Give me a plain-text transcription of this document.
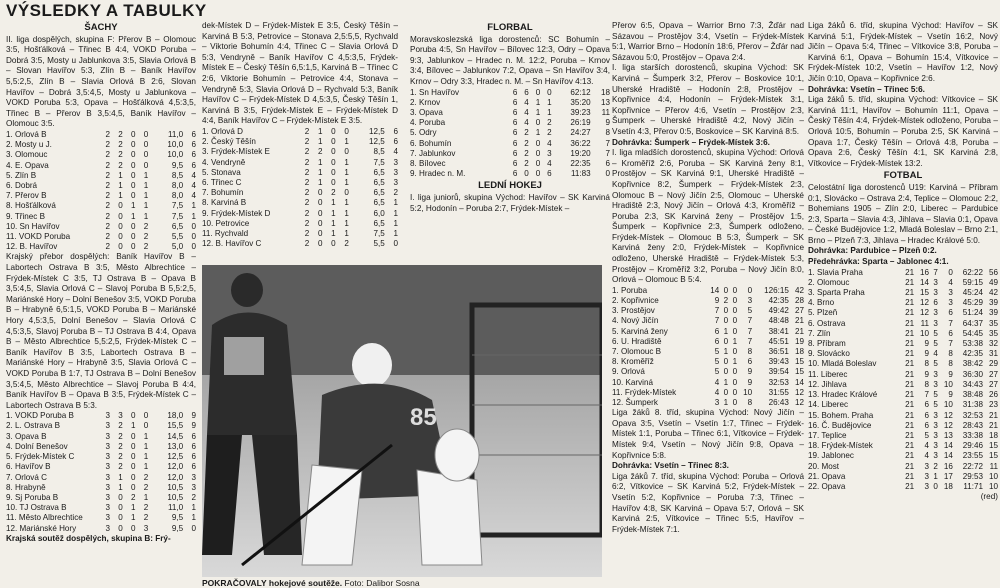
VÝSLEDKY A TABULKY
ŠACHY

II. liga dospělých, skupina F: Přerov B – Olomouc 3:5, Hošťálková – Třinec B 4:4, VOKD Poruba – Dobrá 3:5, Mosty u Jablunkova 3:5, Slavia Orlová B – Slovan Havířov 5:3, Zlín B – Baník Havířov 5,5:2,5, Zlín B – Slavia Orlová B 2:6, Slovan Havířov – Dobrá 3,5:4,5, Mosty u Jablunkova – VOKD Poruba 5:3, Opava – Hošťálková 4,5:3,5, Třinec B – Přerov B 3,5:4,5, Baník Havířov – Olomouc 3:5.

1. Orlová B	2	2	0	0	11,0	6
2. Mosty u J.	2	2	0	0	10,0	6
3. Olomouc	2	2	0	0	10,0	6
4. E. Opava	2	2	0	0	9,5	6
5. Zlín B	2	1	0	1	8,5	4
6. Dobrá	2	1	0	1	8,0	4
7. Přerov B	2	1	0	1	8,0	4
8. Hošťálková	2	0	1	1	7,5	1
9. Třinec B	2	0	1	1	7,5	1
10. Sn Havířov	2	0	0	2	6,5	0
11. VOKD Poruba	2	0	0	2	5,5	0
12. B. Havířov	2	0	0	2	5,0	0

Krajský přebor dospělých: Baník Havířov B – Labortech Ostrava B 3:5, Město Albrechtice – Frýdek-Místek C 3:5, TJ Ostrava B – Opava B 3,5:4,5, Slavia Orlová C – Slavoj Poruba B 5,5:2,5, Mariánské Hory – Dolní Benešov 3:5, VOKD Poruba B – Hrabyně 6,5:1,5, VOKD Poruba B – Mariánské Hory 4,5:3,5, Dolní Benešov – Slavia Orlová C 4,5:3,5, Slavoj Poruba B – TJ Ostrava B 4:4, Opava B – Město Albrechtice 5,5:2,5, Frýdek-Místek C – Baník Havířov B 3:5, Labortech Ostrava B – Mariánské Hory – Hrabyně 3:5, Slavia Orlová C – VOKD Poruba B 1:7, TJ Ostrava B – Dolní Benešov 3,5:4,5, Město Albrechtice – Slavoj Poruba B 4:4, Baník Havířov B – Opava B 3:5, Frýdek-Místek C – Labortech Ostrava B 5:3.

1. VOKD Poruba B	3	3	0	0	18,0	9
2. L. Ostrava B	3	2	1	0	15,5	9
3. Opava B	3	2	0	1	14,5	6
4. Dolní Benešov	3	2	0	1	13,0	6
5. Frýdek-Místek C	3	2	0	1	12,5	6
6. Havířov B	3	2	0	1	12,0	6
7. Orlová C	3	1	0	2	12,0	3
8. Hrabyně	3	1	0	2	10,5	3
9. Sj Poruba B	3	0	2	1	10,5	2
10. TJ Ostrava B	3	0	1	2	11,0	1
11. Město Albrechtice	3	0	1	2	9,5	1
12. Mariánské Hory	3	0	0	3	9,5	0

Krajská soutěž dospělých, skupina B: Frý-

dek-Místek D – Frýdek-Místek E 3:5, Český Těšín – Karviná B 5:3, Petrovice – Stonava 2,5:5,5, Rychvald – Viktorie Bohumín 4:4, Třinec C – Slavia Orlová D 5:3, Vendryně – Baník Havířov C 4,5:3,5, Frýdek-Místek E – Český Těšín 6,5:1,5, Karviná B – Třinec C 2:6, Viktorie Bohumín – Petrovice 4:4, Stonava – Vendryně 5:3, Slavia Orlová D – Rychvald 5:3, Baník Havířov C – Frýdek-Místek D 4,5:3,5, Český Těšín 1, Karviná B 3:5, Frýdek-Místek E – Frýdek-Místek D 4:4, Baník Havířov C – Frýdek-Místek E 3:5.

1. Orlová D	2	1	0	0	12,5	6
2. Český Těšín	2	1	0	1	12,5	6
3. Frýdek-Místek E	2	2	0	0	8,5	4
4. Vendryně	2	1	0	1	7,5	3
5. Stonava	2	1	0	1	6,5	3
6. Třinec C	2	1	0	1	6,5	3
7. Bohumín	2	0	2	0	6,5	2
8. Karviná B	2	0	1	1	6,5	1
9. Frýdek-Místek D	2	0	1	1	6,0	1
10. Petrovice	2	0	1	1	6,5	1
11. Rychvald	2	0	1	1	7,5	1
12. B. Havířov C	2	0	0	2	5,5	0
FLORBAL

Moravskoslezská liga dorostenců: SC Bohumín – Poruba 4:5, Sn Havířov – Bílovec 12:3, Odry – Opava 9:3, Jablunkov – Hradec n. M. 12:2, Poruba – Krnov 3:4, Bílovec – Jablunkov 7:2, Opava – Sn Havířov 3:4, Krnov – Odry 3:3, Hradec n. M. – Sn Havířov 4:13.

1. Sn Havířov	6	6	0	0	62:12	18
2. Krnov	6	4	1	1	35:20	13
3. Opava	6	4	1	1	39:23	11
4. Poruba	6	4	0	2	26:19	9
5. Odry	6	2	1	2	24:27	8
6. Bohumín	6	2	0	4	36:22	7
7. Jablunkov	6	2	0	3	19:20	7
8. Bílovec	6	2	0	4	22:35	6
9. Hradec n. M.	6	0	0	6	11:83	0
LEDNÍ HOKEJ

I. liga juniorů, skupina Východ: Havířov – SK Karviná 5:2, Hodonín – Poruba 2:7, Frýdek-Místek –

85
POKRAČOVALY hokejové soutěže. Foto: Dalibor Sosna

Přerov 6:5, Opava – Warrior Brno 7:3, Žďár nad Sázavou – Prostějov 3:4, Vsetín – Frýdek-Místek 5:1, Warrior Brno – Hodonín 18:6, Přerov – Žďár nad Sázavou 5:0, Prostějov – Opava 2:4.

I. liga starších dorostenců, skupina Východ: SK Karviná – Šumperk 3:2, Přerov – Boskovice 10:1, Uherské Hradiště – Hodonín 2:8, Prostějov – Kopřivnice 4:4, Hodonín – Frýdek-Místek 3:1, Kopřivnice – Přerov 4:6, Vsetín – Prostějov 2:3, Šumperk – Uherské Hradiště 4:2, Nový Jičín – Vsetín 4:3, Přerov 0:5, Boskovice – SK Karviná 8:5.

Dohrávka: Šumperk – Frýdek-Místek 3:6.

I. liga mladších dorostenců, skupina Východ: Orlová – Kroměříž 2:6, Poruba – SK Karviná ženy 8:1, Prostějov – SK Karviná 9:1, Uherské Hradiště – Kopřivnice 8:2, Šumperk – Frýdek-Místek 2:3, Olomouc B – Nový Jičín 2:5, Olomouc – Uherské Hradiště 2:3, Nový Jičín – Orlová 4:3, Kroměříž – Poruba 2:3, SK Karviná ženy – Prostějov 1:5, Šumperk – Kopřivnice 2:3, Šumperk odloženo, Frýdek-Místek – Olomouc B 5:3, Šumperk – SK Karviná ženy 2:0, Frýdek-Místek – Kopřivnice odloženo, Uherské Hradiště – Frýdek-Místek 5:3, Prostějov – Kroměříž 3:2, Poruba – Nový Jičín 8:0, Orlová – Olomouc B 5:4.

1. Poruba	14	0	0	0	126:15	42
2. Kopřivnice	9	2	0	3	42:35	28
3. Prostějov	7	0	0	5	49:42	27
4. Nový Jičín	7	0	0	7	48:48	21
5. Karviná ženy	6	1	0	7	38:41	21
6. U. Hradiště	6	0	1	7	45:51	19
7. Olomouc B	5	1	0	8	36:51	18
8. Kroměříž	5	0	1	6	39:43	15
9. Orlová	5	0	0	9	39:54	15
10. Karviná	4	1	0	9	32:53	14
11. Frýdek-Místek	4	0	0	10	31:55	12
12. Šumperk	3	1	0	8	26:43	12

Liga žáků 8. tříd, skupina Východ: Nový Jičín – Opava 3:5, Vsetín – Vsetín 1:7, Třinec – Frýdek-Místek 1:1, Poruba – Třinec 6:1, Vítkovice – Frýdek-Místek 9:4, Vsetín – Nový Jičín 9:8, Opava – Kopřivnice 5:8.

Dohrávka: Vsetín – Třinec 8:3.

Liga žáků 7. tříd, skupina Východ: Poruba – Orlová 6:2, Vítkovice – SK Karviná 5:2, Frýdek-Místek – Vsetín 5:2, Kopřivnice – Poruba 7:3, Třinec – Havířov 4:8, SK Karviná – Opava 5:7, Orlová – SK Karviná 2:5, Vítkovice – Třinec 5:5, Havířov – Frýdek-Místek 7:1.

Liga žáků 6. tříd, skupina Východ: Havířov – SK Karviná 5:1, Frýdek-Místek – Vsetín 16:2, Nový Jičín – Opava 5:4, Třinec – Vítkovice 3:8, Poruba – Karviná 6:1, Opava – Bohumín 15:4, Vítkovice – Frýdek-Místek 10:2, Vsetín – Havířov 1:2, Nový Jičín 0:10, Opava – Kopřivnice 2:6.

Dohrávka: Vsetín – Třinec 5:6.

Liga žáků 5. tříd, skupina Východ: Vítkovice – SK Karviná 11:1, Havířov – Bohumín 11:1, Opava – Český Těšín 4:4, Frýdek-Místek odloženo, Poruba – Orlová 10:5, Bohumín – Poruba 2:5, SK Karviná – Opava 1:7, Český Těšín – Orlová 4:8, Poruba – Opava 2:6, Český Těšín 4:1, SK Karviná 2:8, Vítkovice – Frýdek-Místek 13:2.

FOTBAL

Celostátní liga dorostenců U19: Karviná – Příbram 0:1, Slovácko – Ostrava 2:4, Teplice – Olomouc 2:2, Bohemians 1905 – Zlín 2:0, Liberec – Pardubice 2:3, Sparta – Slavia 4:3, Jihlava – Slavia 0:1, Opava – České Budějovice 1:2, Mladá Boleslav – Brno 2:1, Brno – Plzeň 7:3, Jihlava – Hradec Králové 5:0.

Dohrávka: Pardubice – Plzeň 0:2.

Předehrávka: Sparta – Jablonec 4:1.

1. Slavia Praha	21	16	7	0	62:22	56
2. Olomouc	21	14	3	4	59:15	49
3. Sparta Praha	21	15	3	3	45:24	42
4. Brno	21	12	6	3	45:29	39
5. Plzeň	21	12	3	6	51:24	39
6. Ostrava	21	11	3	7	64:37	35
7. Zlín	21	10	5	6	54:45	35
8. Příbram	21	9	5	7	53:38	32
9. Slovácko	21	9	4	8	42:35	31
10. Mladá Boleslav	21	8	5	8	38:42	29
11. Liberec	21	9	3	9	36:30	27
12. Jihlava	21	8	3	10	34:43	27
13. Hradec Králové	21	7	5	9	38:48	26
14. Liberec	21	6	5	10	31:38	23
15. Bohem. Praha	21	6	3	12	32:53	21
16. Č. Budějovice	21	6	3	12	28:43	21
17. Teplice	21	5	3	13	33:38	18
18. Frýdek-Místek	21	4	3	14	29:46	15
19. Jablonec	21	4	3	14	23:55	15
20. Most	21	3	2	16	22:72	11
21. Opava	21	3	1	17	29:53	10
22. Opava	21	3	0	18	11:71	10
(red)
